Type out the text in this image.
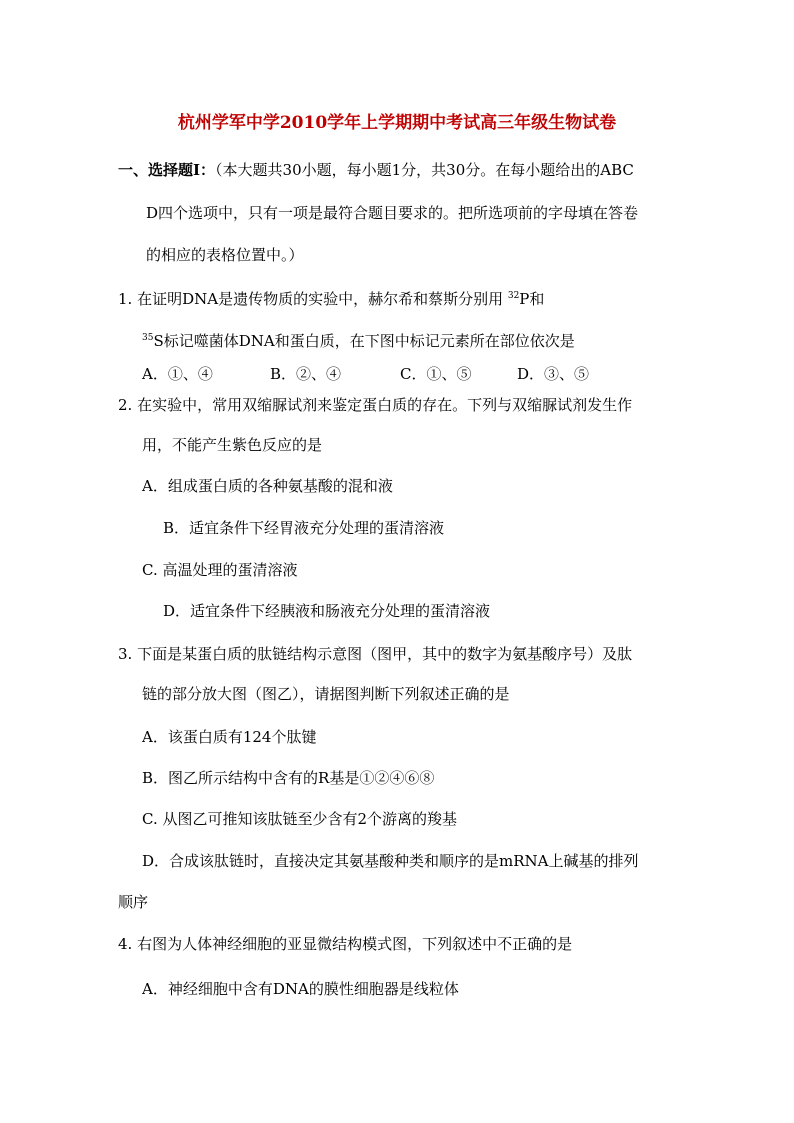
杭州学军中学2010学年上学期期中考试高三年级生物试卷
一、选择题Ⅰ：（本大题共30小题，每小题1分，共30分。在每小题给出的ABC
D四个选项中，只有一项是最符合题目要求的。把所选项前的字母填在答卷
的相应的表格位置中。）
1. 在证明DNA是遗传物质的实验中，赫尔希和蔡斯分别用 $^{32}$P和
$^{35}$S标记噬菌体DNA和蛋白质，在下图中标记元素所在部位依次是
A．①、④	B．②、④	C．①、⑤	D．③、⑤
2. 在实验中，常用双缩脲试剂来鉴定蛋白质的存在。下列与双缩脲试剂发生作
用，不能产生紫色反应的是
A．组成蛋白质的各种氨基酸的混和液
B．适宜条件下经胃液充分处理的蛋清溶液
C. 高温处理的蛋清溶液
D．适宜条件下经胰液和肠液充分处理的蛋清溶液
3. 下面是某蛋白质的肽链结构示意图（图甲，其中的数字为氨基酸序号）及肽
链的部分放大图（图乙），请据图判断下列叙述正确的是
A．该蛋白质有124个肽键
B．图乙所示结构中含有的R基是①②④⑥⑧
C. 从图乙可推知该肽链至少含有2个游离的羧基
D．合成该肽链时，直接决定其氨基酸种类和顺序的是mRNA上碱基的排列
顺序
4. 右图为人体神经细胞的亚显微结构模式图，下列叙述中不正确的是
A．神经细胞中含有DNA的膜性细胞器是线粒体
